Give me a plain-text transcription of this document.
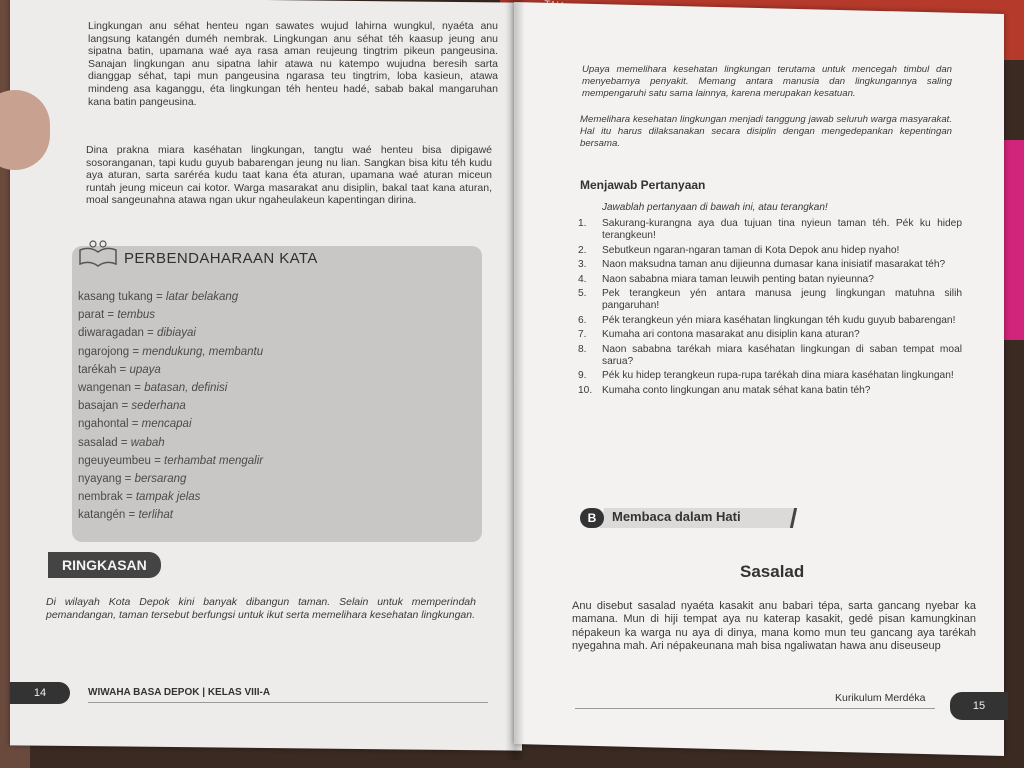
Lingkungan anu séhat henteu ngan sawates wujud lahirna wungkul, nyaéta anu langsung katangén duméh nembrak. Lingkungan anu séhat téh kaasup jeung anu sipatna batin, upamana waé aya rasa aman reujeung tingtrim pikeun pangeusina. Sanajan lingkungan anu sipatna lahir atawa nu katempo wujudna beresih sarta dianggap séhat, tapi mun pangeusina ngarasa teu tingtrim, loba kasieun, atawa mindeng asa kaganggu, éta lingkungan téh henteu hadé, sabab bakal mangaruhan kana batin pangeusina.
Dina prakna miara kaséhatan lingkungan, tangtu waé henteu bisa dipigawé sosoranganan, tapi kudu guyub babarengan jeung nu lian. Sangkan bisa kitu téh kudu aya aturan, sarta saréréa kudu taat kana éta aturan, upamana waé aturan miceun runtah jeung miceun cai kotor. Warga masarakat anu disiplin, bakal taat kana aturan, moal sangeunahna atawa ngan ukur ngaheulakeun kapentingan dirina.
PERBENDAHARAAN KATA
kasang tukang = latar belakang
parat = tembus
diwaragadan = dibiayai
ngarojong = mendukung, membantu
tarékah = upaya
wangenan = batasan, definisi
basajan = sederhana
ngahontal = mencapai
sasalad = wabah
ngeuyeumbeu = terhambat mengalir
nyayang = bersarang
nembrak = tampak jelas
katangén = terlihat
RINGKASAN
Di wilayah Kota Depok kini banyak dibangun taman. Selain untuk memperindah pemandangan, taman tersebut berfungsi untuk ikut serta memelihara kesehatan lingkungan.
14	WIWAHA BASA DEPOK | KELAS VIII-A
Upaya memelihara kesehatan lingkungan terutama untuk mencegah timbul dan menyebarnya penyakit. Memang antara manusia dan lingkungannya saling mempengaruhi satu sama lainnya, karena merupakan kesatuan.
Memelihara kesehatan lingkungan menjadi tanggung jawab seluruh warga masyarakat. Hal itu harus dilaksanakan secara disiplin dengan mengedepankan kepentingan bersama.
Menjawab Pertanyaan
Jawablah pertanyaan di bawah ini, atau terangkan!
1.	Sakurang-kurangna aya dua tujuan tina nyieun taman téh. Pék ku hidep terangkeun!
2.	Sebutkeun ngaran-ngaran taman di Kota Depok anu hidep nyaho!
3.	Naon maksudna taman anu dijieunna dumasar kana inisiatif masarakat téh?
4.	Naon sababna miara taman leuwih penting batan nyieunna?
5.	Pek terangkeun yén antara manusa jeung lingkungan matuhna silih pangaruhan!
6.	Pék terangkeun yén miara kaséhatan lingkungan téh kudu guyub babarengan!
7.	Kumaha ari contona masarakat anu disiplin kana aturan?
8.	Naon sababna tarékah miara kaséhatan lingkungan di saban tempat moal sarua?
9.	Pék ku hidep terangkeun rupa-rupa tarékah dina miara kaséhatan lingkungan!
10. Kumaha conto lingkungan anu matak séhat kana batin téh?
B	Membaca dalam Hati
Sasalad
Anu disebut sasalad nyaéta kasakit anu babari tépa, sarta gancang nyebar ka mamana. Mun di hiji tempat aya nu katerap kasakit, gedé pisan kamungkinan népakeun ka warga nu aya di dinya, mana komo mun teu gancang aya tarékah nyegahna mah. Ari népakeunana mah bisa ngaliwatan hawa anu diseuseup
Kurikulum Merdéka
15
